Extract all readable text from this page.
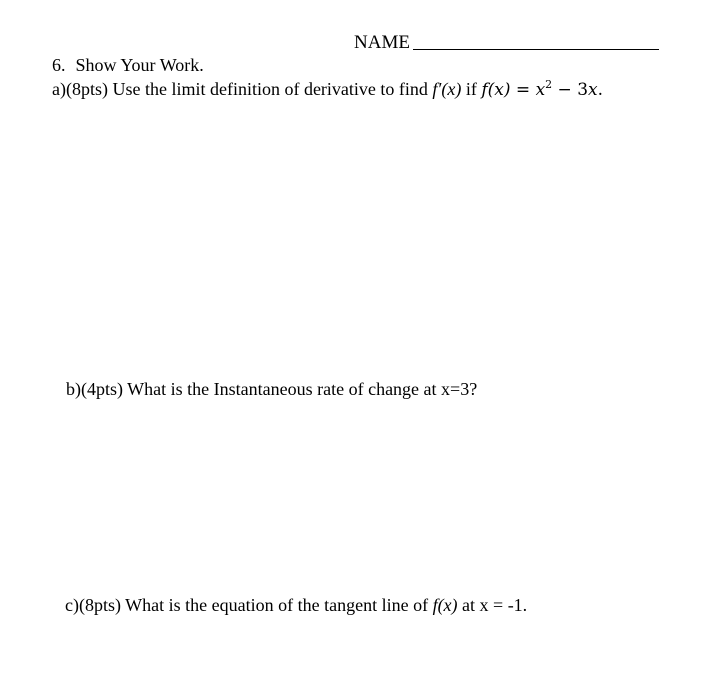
NAME
6. Show Your Work.
a)(8pts) Use the limit definition of derivative to find f′(x) if $f(x) = x^2 - 3x$.
b)(4pts) What is the Instantaneous rate of change at x=3?
c)(8pts) What is the equation of the tangent line of f(x) at x = -1.
